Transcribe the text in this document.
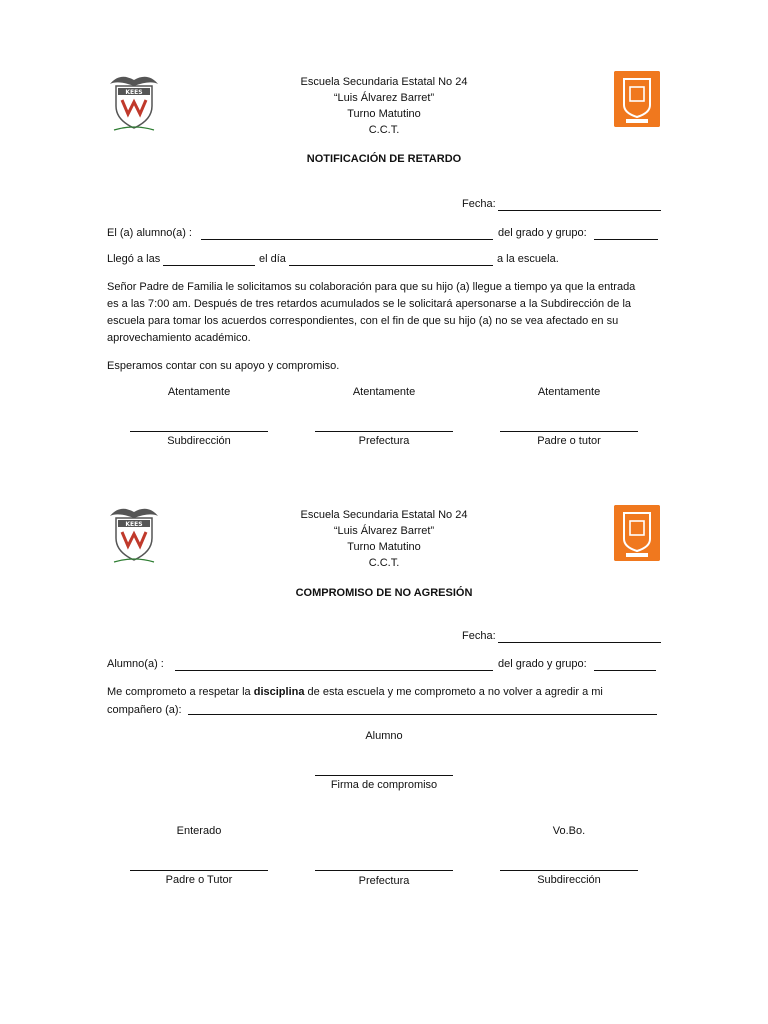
KEES
Escuela Secundaria Estatal No 24
“Luis Álvarez Barret”
Turno Matutino
C.C.T.
NOTIFICACIÓN DE RETARDO
Fecha:
El (a) alumno(a) :	del grado y grupo:
Llegó a las	el día	a la escuela.
Señor Padre de Familia le solicitamos su colaboración para que su hijo (a) llegue a tiempo ya que la entrada
es a las 7:00 am. Después de tres retardos acumulados se le solicitará apersonarse a la Subdirección de la
escuela para tomar los acuerdos correspondientes, con el fin de que su hijo (a) no se vea afectado en su
aprovechamiento académico.
Esperamos contar con su apoyo y compromiso.
Atentamente	Atentamente	Atentamente
Subdirección	Prefectura	Padre o tutor
KEES
Escuela Secundaria Estatal No 24
“Luis Álvarez Barret”
Turno Matutino
C.C.T.
COMPROMISO DE NO AGRESIÓN
Fecha:
Alumno(a) :	del grado y grupo:
Me comprometo a respetar la disciplina de esta escuela y me comprometo a no volver a agredir a mi
compañero (a):
Alumno
Firma de compromiso
Enterado	Vo.Bo.
Padre o Tutor	Prefectura	Subdirección
